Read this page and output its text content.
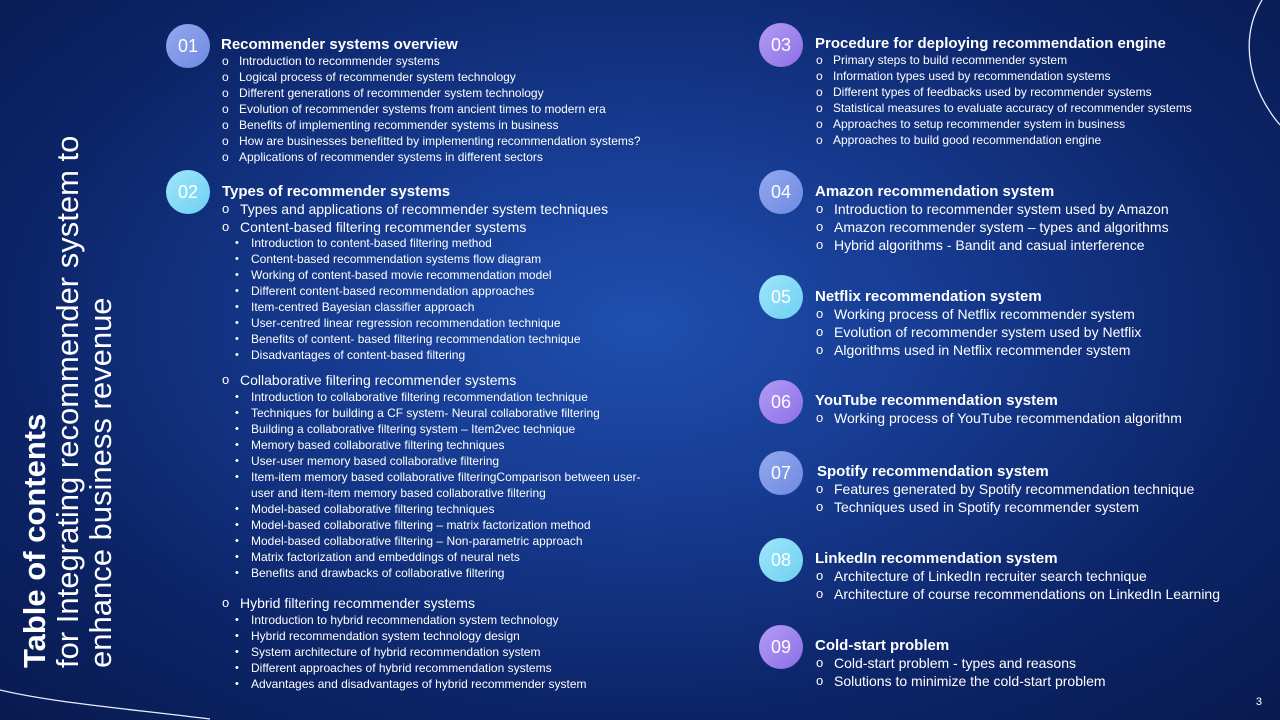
Table of contents
for Integrating recommender system to
enhance business revenue
01	Recommender systems overview
o Introduction to recommender systems
o Logical process of recommender system technology
o Different generations of recommender system technology
o Evolution of recommender systems from ancient times to modern era
o Benefits of implementing recommender systems in business
o How are businesses benefitted by implementing recommendation systems?
o Applications of recommender systems in different sectors
02	Types of recommender systems
o Types and applications of recommender system techniques
o Content-based filtering recommender systems
• Introduction to content-based filtering method
• Content-based recommendation systems flow diagram
• Working of content-based movie recommendation model
• Different content-based recommendation approaches
• Item-centred Bayesian classifier approach
• User-centred linear regression recommendation technique
• Benefits of content- based filtering recommendation technique
• Disadvantages of content-based filtering
o Collaborative filtering recommender systems
• Introduction to collaborative filtering recommendation technique
• Techniques for building a CF system- Neural collaborative filtering
• Building a collaborative filtering system – Item2vec technique
• Memory based collaborative filtering techniques
• User-user memory based collaborative filtering
• Item-item memory based collaborative filteringComparison between user-
user and item-item memory based collaborative filtering
• Model-based collaborative filtering techniques
• Model-based collaborative filtering – matrix factorization method
• Model-based collaborative filtering – Non-parametric approach
• Matrix factorization and embeddings of neural nets
• Benefits and drawbacks of collaborative filtering
o Hybrid filtering recommender systems
• Introduction to hybrid recommendation system technology
• Hybrid recommendation system technology design
• System architecture of hybrid recommendation system
• Different approaches of hybrid recommendation systems
• Advantages and disadvantages of hybrid recommender system
03	Procedure for deploying recommendation engine
o Primary steps to build recommender system
o Information types used by recommendation systems
o Different types of feedbacks used by recommender systems
o Statistical measures to evaluate accuracy of recommender systems
o Approaches to setup recommender system in business
o Approaches to build good recommendation engine
04	Amazon recommendation system
o Introduction to recommender system used by Amazon
o Amazon recommender system – types and algorithms
o Hybrid algorithms - Bandit and casual interference
05	Netflix recommendation system
o Working process of Netflix recommender system
o Evolution of recommender system used by Netflix
o Algorithms used in Netflix recommender system
06	YouTube recommendation system
o Working process of YouTube recommendation algorithm
07	Spotify recommendation system
o Features generated by Spotify recommendation technique
o Techniques used in Spotify recommender system
08	LinkedIn recommendation system
o Architecture of LinkedIn recruiter search technique
o Architecture of course recommendations on LinkedIn Learning
09	Cold-start problem
o Cold-start problem - types and reasons
o Solutions to minimize the cold-start problem
3
